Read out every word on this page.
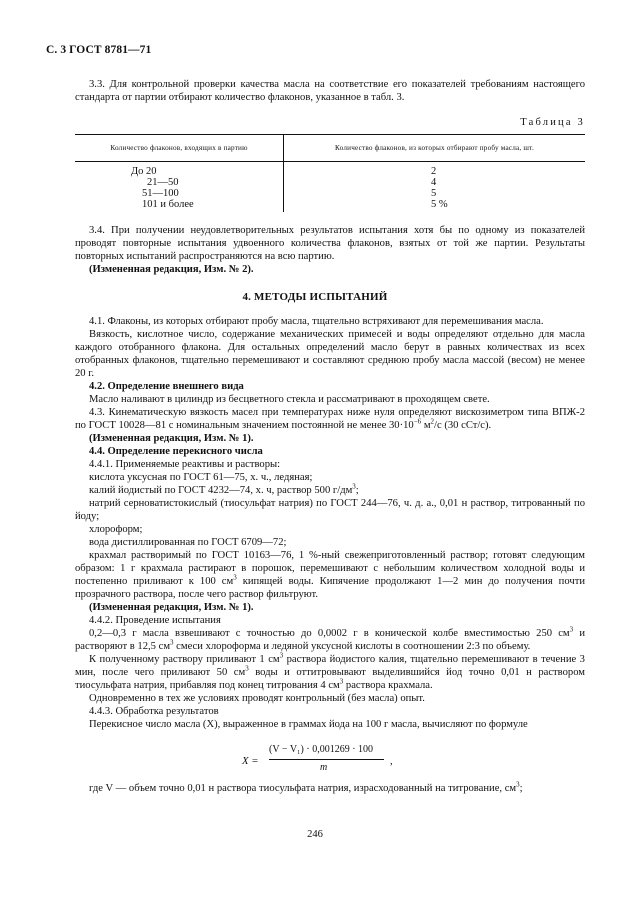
С. 3 ГОСТ 8781—71

3.3. Для контрольной проверки качества масла на соответствие его показателей требованиям настоящего стандарта от партии отбирают количество флаконов, указанное в табл. 3.

Таблица 3
Количество флаконов, входящих в партию	Количество флаконов, из которых отбирают пробу масла, шт.
До 20	2
21—50	4
51—100	5
101 и более	5 %

3.4. При получении неудовлетворительных результатов испытания хотя бы по одному из показателей проводят повторные испытания удвоенного количества флаконов, взятых от той же партии. Результаты повторных испытаний распространяются на всю партию.

(Измененная редакция, Изм. № 2).

4. МЕТОДЫ ИСПЫТАНИЙ

4.1. Флаконы, из которых отбирают пробу масла, тщательно встряхивают для перемешивания масла.

Вязкость, кислотное число, содержание механических примесей и воды определяют отдельно для масла каждого отобранного флакона. Для остальных определений масло берут в равных количествах из всех отобранных флаконов, тщательно перемешивают и составляют среднюю пробу масла массой (весом) не менее 20 г.

4.2. Определение внешнего вида

Масло наливают в цилиндр из бесцветного стекла и рассматривают в проходящем свете.

4.3. Кинематическую вязкость масел при температурах ниже нуля определяют вискозиметром типа ВПЖ-2 по ГОСТ 10028—81 с номинальным значением постоянной не менее $30\cdot 10^{-6}$ $м^2/с$ (30 сСт/с).

(Измененная редакция, Изм. № 1).

4.4. Определение перекисного числа

4.4.1. Применяемые реактивы и растворы:

кислота уксусная по ГОСТ 61—75, х. ч., ледяная;

калий йодистый по ГОСТ 4232—74, х. ч, раствор 500 $г/дм^3$;

натрий серноватистокислый (тиосульфат натрия) по ГОСТ 244—76, ч. д. а., 0,01 н раствор, титрованный по йоду;

хлороформ;

вода дистиллированная по ГОСТ 6709—72;

крахмал растворимый по ГОСТ 10163—76, 1 %-ный свежеприготовленный раствор; готовят следующим образом: 1 г крахмала растирают в порошок, перемешивают с небольшим количеством холодной воды и постепенно приливают к 100 $см^3$ кипящей воды. Кипячение продолжают 1—2 мин до получения почти прозрачного раствора, после чего раствор фильтруют.

(Измененная редакция, Изм. № 1).

4.4.2. Проведение испытания

0,2—0,3 г масла взвешивают с точностью до 0,0002 г в конической колбе вместимостью 250 $см^3$ и растворяют в 12,5 $см^3$ смеси хлороформа и ледяной уксусной кислоты в соотношении 2:3 по объему.

К полученному раствору приливают 1 $см^3$ раствора йодистого калия, тщательно перемешивают в течение 3 мин, после чего приливают 50 $см^3$ воды и оттитровывают выделившийся йод точно 0,01 н раствором тиосульфата натрия, прибавляя под конец титрования 4 $см^3$ раствора крахмала.

Одновременно в тех же условиях проводят контрольный (без масла) опыт.

4.4.3. Обработка результатов

Перекисное число масла (X), выраженное в граммах йода на 100 г масла, вычисляют по формуле

X =
(V − V₁) · 0,001269 · 100
m
,

где V — объем точно 0,01 н раствора тиосульфата натрия, израсходованный на титрование, $см^3$;

246
